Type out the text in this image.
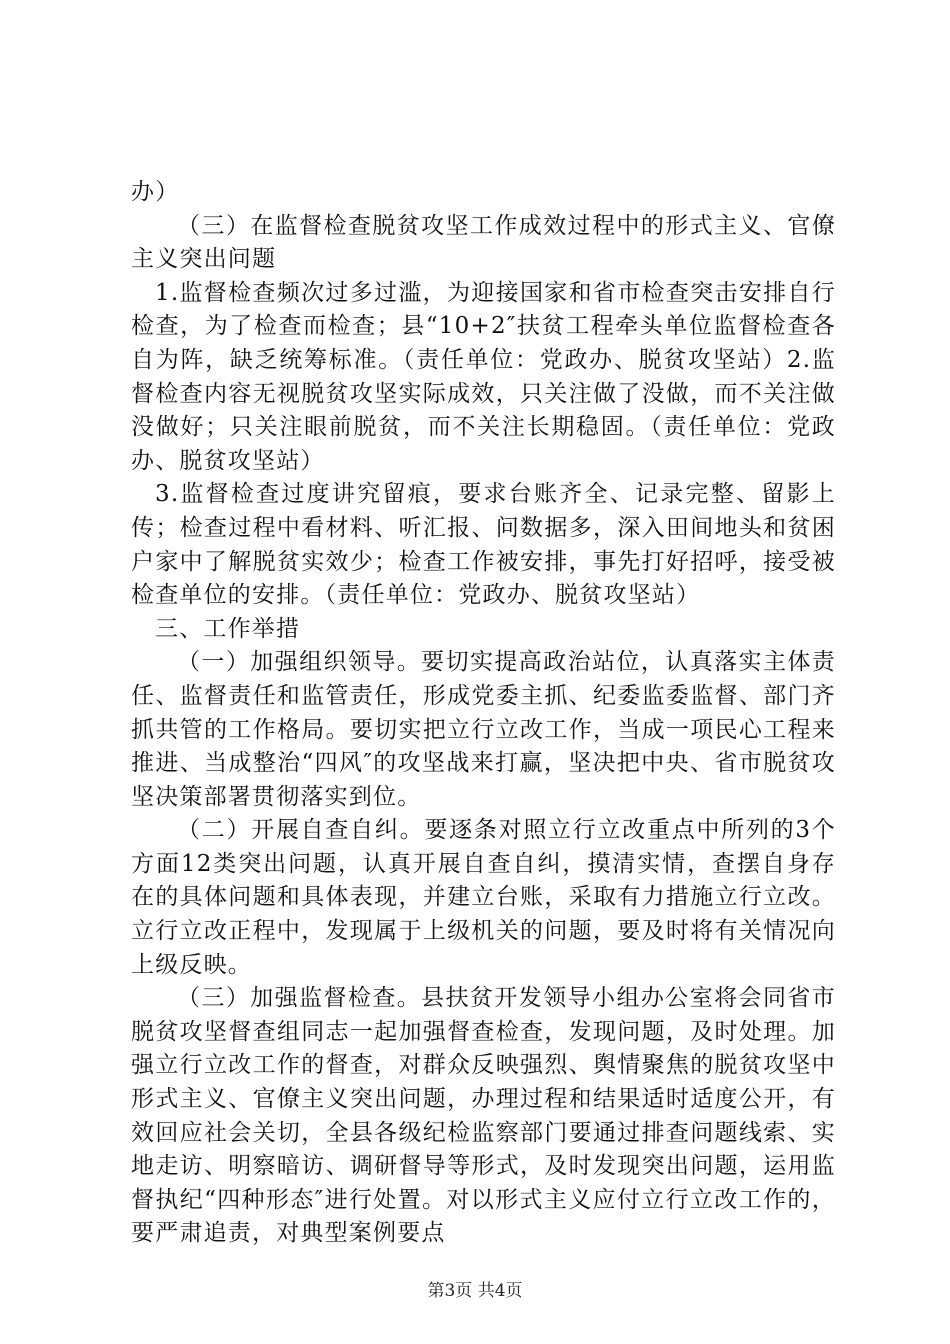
办）

（三）在监督检查脱贫攻坚工作成效过程中的形式主义、官僚主义突出问题

1.监督检查频次过多过滥，为迎接国家和省市检查突击安排自行检查，为了检查而检查；县“10+2″扶贫工程牵头单位监督检查各自为阵，缺乏统筹标准。（责任单位：党政办、脱贫攻坚站）2.监督检查内容无视脱贫攻坚实际成效，只关注做了没做，而不关注做没做好；只关注眼前脱贫，而不关注长期稳固。（责任单位：党政办、脱贫攻坚站）

3.监督检查过度讲究留痕，要求台账齐全、记录完整、留影上传；检查过程中看材料、听汇报、问数据多，深入田间地头和贫困户家中了解脱贫实效少；检查工作被安排，事先打好招呼，接受被检查单位的安排。（责任单位：党政办、脱贫攻坚站）

三、工作举措

（一）加强组织领导。要切实提高政治站位，认真落实主体责任、监督责任和监管责任，形成党委主抓、纪委监委监督、部门齐抓共管的工作格局。要切实把立行立改工作，当成一项民心工程来推进、当成整治“四风″的攻坚战来打赢，坚决把中央、省市脱贫攻坚决策部署贯彻落实到位。

（二）开展自查自纠。要逐条对照立行立改重点中所列的3个方面12类突出问题，认真开展自查自纠，摸清实情，查摆自身存在的具体问题和具体表现，并建立台账，采取有力措施立行立改。立行立改正程中，发现属于上级机关的问题，要及时将有关情况向上级反映。

（三）加强监督检查。县扶贫开发领导小组办公室将会同省市脱贫攻坚督查组同志一起加强督查检查，发现问题，及时处理。加强立行立改工作的督查，对群众反映强烈、舆情聚焦的脱贫攻坚中形式主义、官僚主义突出问题，办理过程和结果适时适度公开，有效回应社会关切，全县各级纪检监察部门要通过排查问题线索、实地走访、明察暗访、调研督导等形式，及时发现突出问题，运用监督执纪“四种形态″进行处置。对以形式主义应付立行立改工作的，要严肃追责，对典型案例要点

第3页 共4页
